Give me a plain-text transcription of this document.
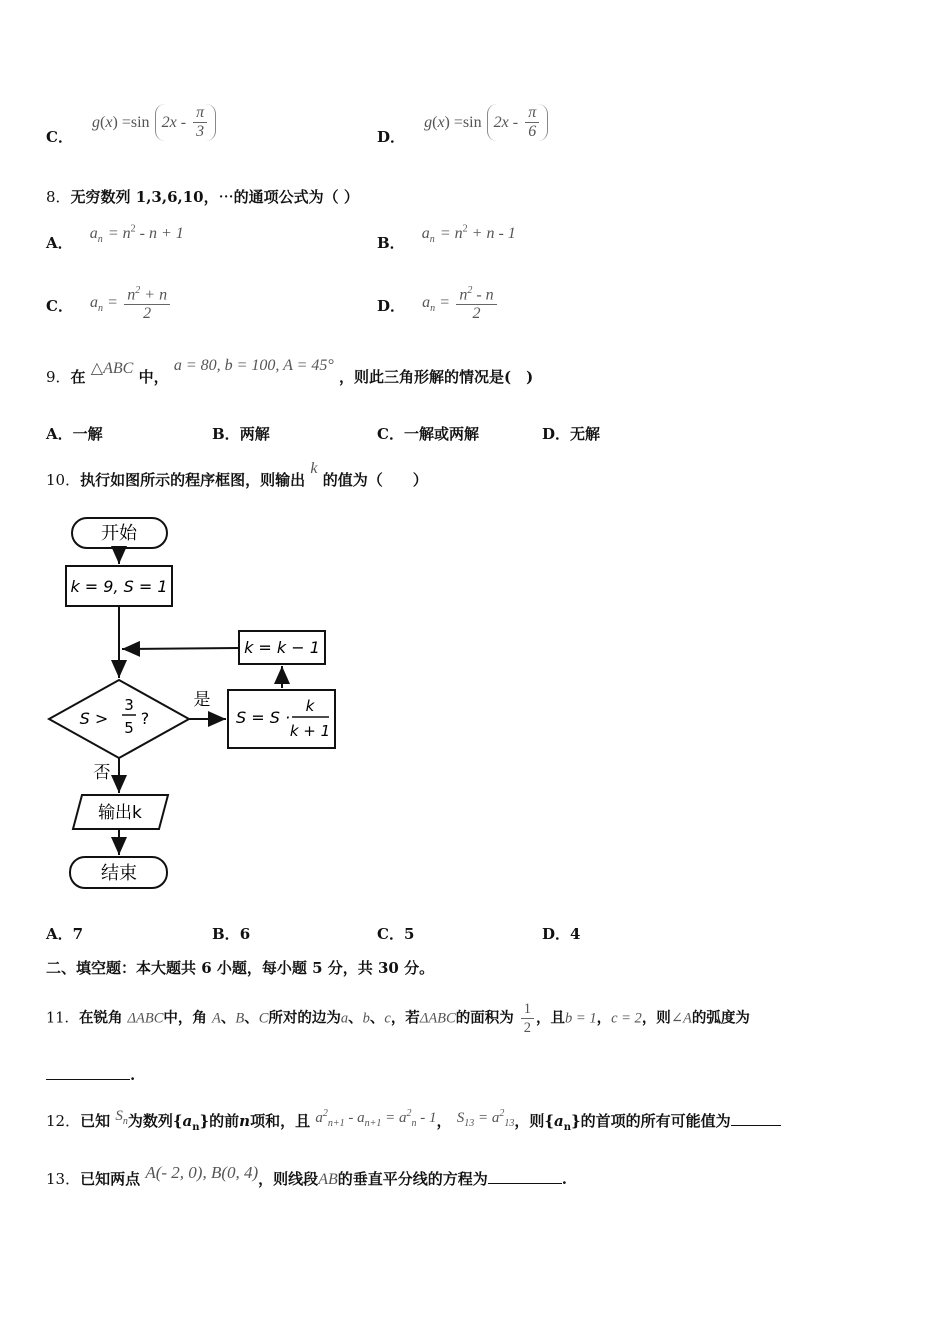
C． g(x) =sin $2x - \frac{\pi}{3}$	D． g(x) =sin $2x - \frac{\pi}{6}$
8．无穷数列 1,3,6,10，⋯的通项公式为（ ）
A． $a_n = n^2 - n + 1$
B． $a_n = n^2 + n - 1$
C． $a_n = \frac{n^2 + n}{2}$	D． $a_n = \frac{n^2 - n}{2}$
9．在 △ABC 中， a = 80, b = 100, A = 45° ，则此三角形解的情况是(　)
A．一解	B．两解	C．一解或两解	D．无解
10．执行如图所示的程序框图，则输出 k 的值为（　　）
开始
k = 9, S = 1
k = k − 1
S >
3
5 ?
是
S = S ·
k
k + 1
否
输出k
结束
A．7	B．6	C．5	D．4
二、填空题：本大题共 6 小题，每小题 5 分，共 30 分。
11．在锐角 ΔABC中，角 A、B、C所对的边为a、b、c，若ΔABC的面积为 $\frac{1}{2}$ ，且b = 1，c = 2，则∠A的弧度为
.
12．已知 $S_n$为数列$\{a_n\}$的前n项和，且 $a^2_{n+1} - a_{n+1} = a^2_n - 1$， $S_{13} = a^2_{13}$，则$\{a_n\}$的首项的所有可能值为
13．已知两点 A(- 2, 0), B(0, 4)，则线段AB的垂直平分线的方程为	.
